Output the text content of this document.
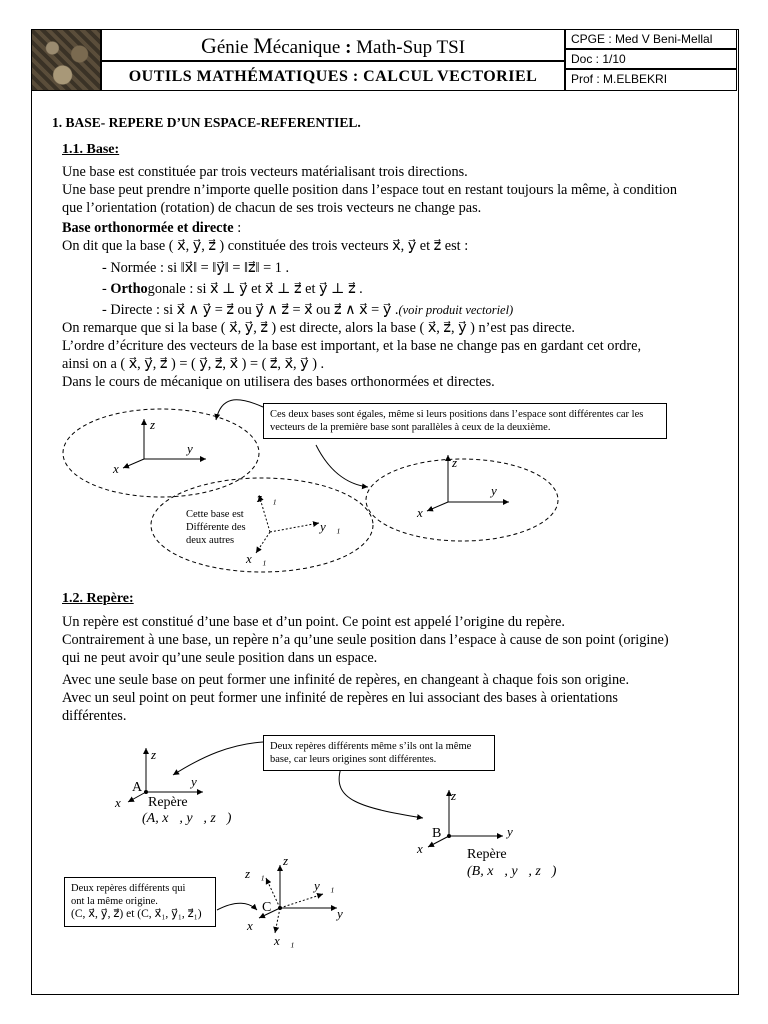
Génie Mécanique : Math-Sup TSI
OUTILS MATHÉMATIQUES : CALCUL VECTORIEL
CPGE : Med V Beni-Mellal
Doc : 1/10
Prof : M.ELBEKRI
1. BASE- REPERE D’UN ESPACE-REFERENTIEL.
1.1. Base:

Une base est constituée par trois vecteurs matérialisant trois directions.

Une base peut prendre n’importe quelle position dans l’espace tout en restant toujours la même, à condition

que l’orientation (rotation) de chacun de ses trois vecteurs ne change pas.

Base orthonormée et directe :

On dit que la base ( x⃗, y⃗, z⃗ ) constituée des trois vecteurs x⃗, y⃗ et z⃗ est :

- Normée : si ‖x⃗‖ = ‖y⃗‖ = ‖z⃗‖ = 1 .

- Orthogonale : si x⃗ ⊥ y⃗ et x⃗ ⊥ z⃗ et y⃗ ⊥ z⃗ .

- Directe : si x⃗ ∧ y⃗ = z⃗ ou y⃗ ∧ z⃗ = x⃗ ou z⃗ ∧ x⃗ = y⃗ .(voir produit vectoriel)

On remarque que si la base ( x⃗, y⃗, z⃗ ) est directe, alors la base ( x⃗, z⃗, y⃗ ) n’est pas directe.

L’ordre d’écriture des vecteurs de la base est important, et la base ne change pas en gardant cet ordre,

ainsi on a ( x⃗, y⃗, z⃗ ) = ( y⃗, z⃗, x⃗ ) = ( z⃗, x⃗, y⃗ ) .

Dans le cours de mécanique on utilisera des bases orthonormées et directes.

z⃗
y⃗
x⃗	z⃗
y⃗
x⃗
z⃗₁
y⃗₁
x⃗₁
Ces deux bases sont égales, même si leurs positions dans l’espace sont différentes car les vecteurs de la première base sont parallèles à ceux de la deuxième.
Cette base est
Différente des
deux autres
1.2. Repère:

Un repère est constitué d’une base et d’un point. Ce point est appelé l’origine du repère.

Contrairement à une base, un repère n’a qu’une seule position dans l’espace à cause de son point (origine)

qui ne peut avoir qu’une seule position dans un espace.

Avec une seule base on peut former une infinité de repères, en changeant à chaque fois son origine.

Avec un seul point on peut former une infinité de repères en lui associant des bases à orientations

différentes.

z⃗
y⃗
x⃗	z⃗
y⃗
x⃗
z⃗
z⃗₁
y⃗₁
y⃗
x⃗
x⃗₁
Deux repères différents même s’ils ont la même base, car leurs origines sont différentes.
Deux repères différents qui
ont la même origine.
(C, x⃗, y⃗, z⃗) et (C, x⃗₁, y⃗₁, z⃗₁)
A
Repère
(A, x⃗, y⃗, z⃗)
B
Repère
(B, x⃗, y⃗, z⃗)
C
